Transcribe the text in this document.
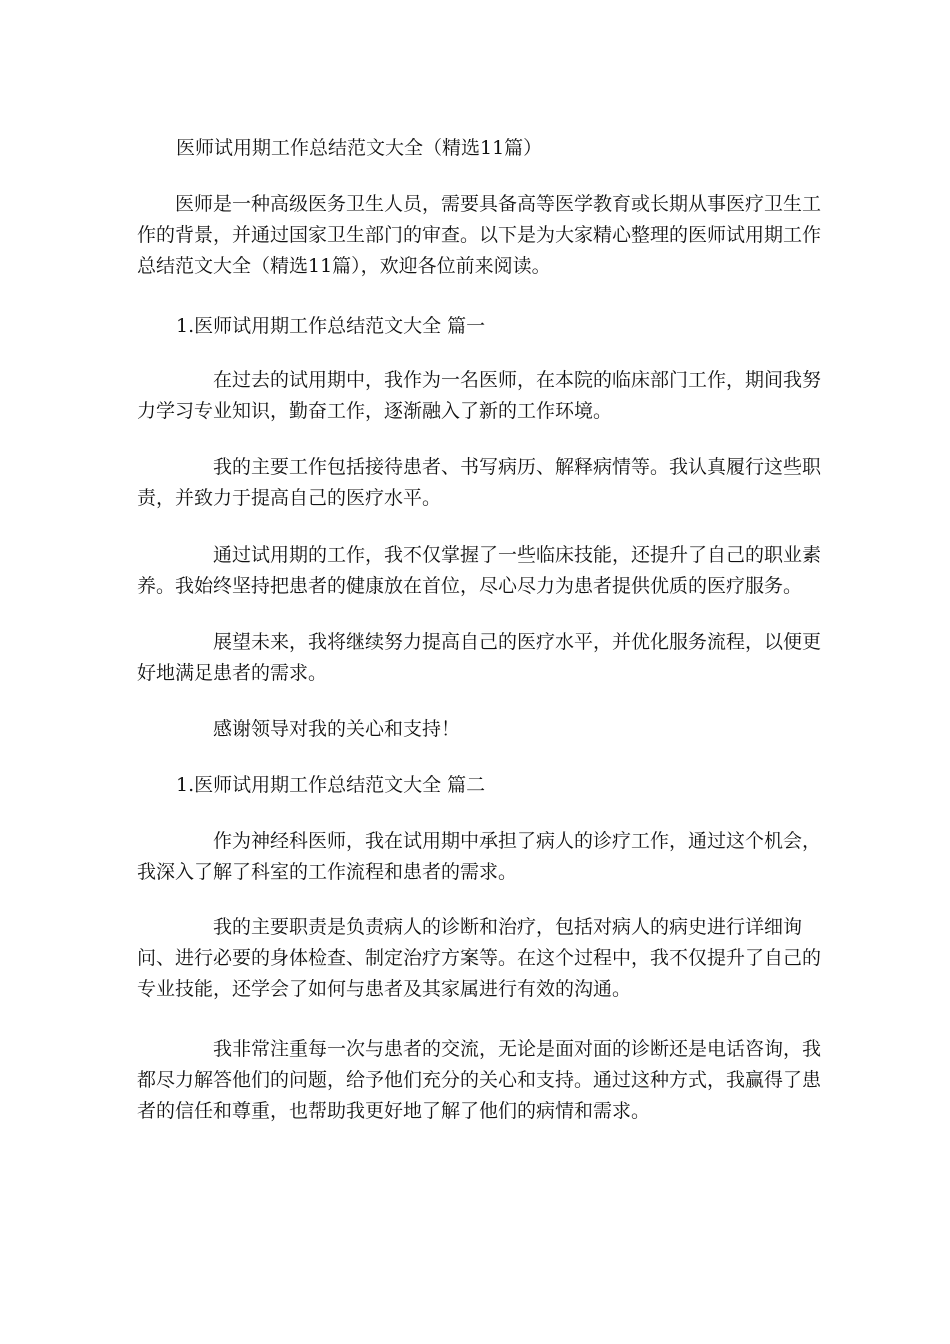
医师试用期工作总结范文大全（精选11篇）

医师是一种高级医务卫生人员，需要具备高等医学教育或长期从事医疗卫生工作的背景，并通过国家卫生部门的审查。以下是为大家精心整理的医师试用期工作总结范文大全（精选11篇），欢迎各位前来阅读。

1.医师试用期工作总结范文大全 篇一

在过去的试用期中，我作为一名医师，在本院的临床部门工作，期间我努力学习专业知识，勤奋工作，逐渐融入了新的工作环境。

我的主要工作包括接待患者、书写病历、解释病情等。我认真履行这些职责，并致力于提高自己的医疗水平。

通过试用期的工作，我不仅掌握了一些临床技能，还提升了自己的职业素养。我始终坚持把患者的健康放在首位，尽心尽力为患者提供优质的医疗服务。

展望未来，我将继续努力提高自己的医疗水平，并优化服务流程，以便更好地满足患者的需求。

感谢领导对我的关心和支持！

1.医师试用期工作总结范文大全 篇二

作为神经科医师，我在试用期中承担了病人的诊疗工作，通过这个机会，我深入了解了科室的工作流程和患者的需求。

我的主要职责是负责病人的诊断和治疗，包括对病人的病史进行详细询问、进行必要的身体检查、制定治疗方案等。在这个过程中，我不仅提升了自己的专业技能，还学会了如何与患者及其家属进行有效的沟通。

我非常注重每一次与患者的交流，无论是面对面的诊断还是电话咨询，我都尽力解答他们的问题，给予他们充分的关心和支持。通过这种方式，我赢得了患者的信任和尊重，也帮助我更好地了解了他们的病情和需求。
